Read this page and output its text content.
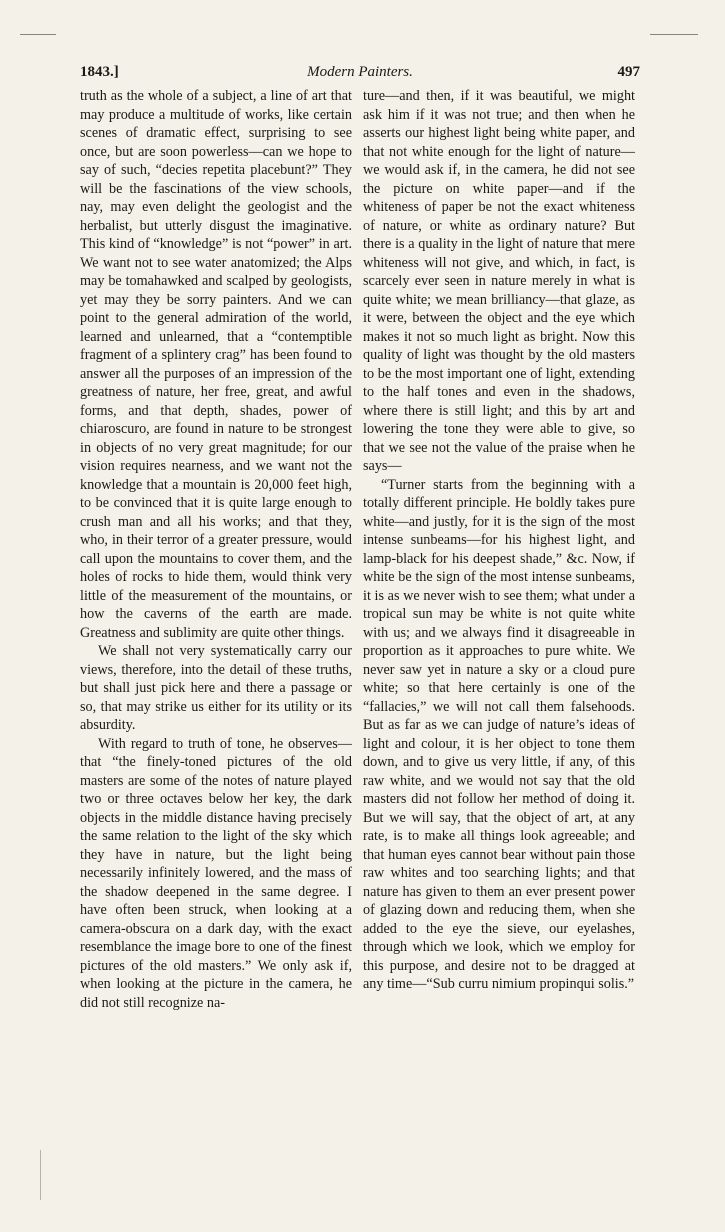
1843.]	Modern Painters.	497

truth as the whole of a subject, a line of art that may produce a multitude of works, like certain scenes of dramatic effect, surprising to see once, but are soon powerless—can we hope to say of such, “decies repetita placebunt?” They will be the fascinations of the view schools, nay, may even delight the geologist and the herbalist, but utterly disgust the imaginative. This kind of “knowledge” is not “power” in art. We want not to see water anatomized; the Alps may be tomahawked and scalped by geologists, yet may they be sorry painters. And we can point to the general admiration of the world, learned and unlearned, that a “contemptible fragment of a splintery crag” has been found to answer all the purposes of an impression of the greatness of nature, her free, great, and awful forms, and that depth, shades, power of chiaroscuro, are found in nature to be strongest in objects of no very great magnitude; for our vision requires nearness, and we want not the knowledge that a mountain is 20,000 feet high, to be convinced that it is quite large enough to crush man and all his works; and that they, who, in their terror of a greater pressure, would call upon the mountains to cover them, and the holes of rocks to hide them, would think very little of the measurement of the mountains, or how the caverns of the earth are made. Greatness and sublimity are quite other things.

We shall not very systematically carry our views, therefore, into the detail of these truths, but shall just pick here and there a passage or so, that may strike us either for its utility or its absurdity.

With regard to truth of tone, he observes—that “the finely-toned pictures of the old masters are some of the notes of nature played two or three octaves below her key, the dark objects in the middle distance having precisely the same relation to the light of the sky which they have in nature, but the light being necessarily infinitely lowered, and the mass of the shadow deepened in the same degree. I have often been struck, when looking at a camera-obscura on a dark day, with the exact resemblance the image bore to one of the finest pictures of the old masters.” We only ask if, when looking at the picture in the camera, he did not still recognize na-

ture—and then, if it was beautiful, we might ask him if it was not true; and then when he asserts our highest light being white paper, and that not white enough for the light of nature—we would ask if, in the camera, he did not see the picture on white paper—and if the whiteness of paper be not the exact whiteness of nature, or white as ordinary nature? But there is a quality in the light of nature that mere whiteness will not give, and which, in fact, is scarcely ever seen in nature merely in what is quite white; we mean brilliancy—that glaze, as it were, between the object and the eye which makes it not so much light as bright. Now this quality of light was thought by the old masters to be the most important one of light, extending to the half tones and even in the shadows, where there is still light; and this by art and lowering the tone they were able to give, so that we see not the value of the praise when he says—

“Turner starts from the beginning with a totally different principle. He boldly takes pure white—and justly, for it is the sign of the most intense sunbeams—for his highest light, and lamp-black for his deepest shade,” &c. Now, if white be the sign of the most intense sunbeams, it is as we never wish to see them; what under a tropical sun may be white is not quite white with us; and we always find it disagreeable in proportion as it approaches to pure white. We never saw yet in nature a sky or a cloud pure white; so that here certainly is one of the “fallacies,” we will not call them falsehoods. But as far as we can judge of nature’s ideas of light and colour, it is her object to tone them down, and to give us very little, if any, of this raw white, and we would not say that the old masters did not follow her method of doing it. But we will say, that the object of art, at any rate, is to make all things look agreeable; and that human eyes cannot bear without pain those raw whites and too searching lights; and that nature has given to them an ever present power of glazing down and reducing them, when she added to the eye the sieve, our eyelashes, through which we look, which we employ for this purpose, and desire not to be dragged at any time—“Sub curru nimium propinqui solis.”
